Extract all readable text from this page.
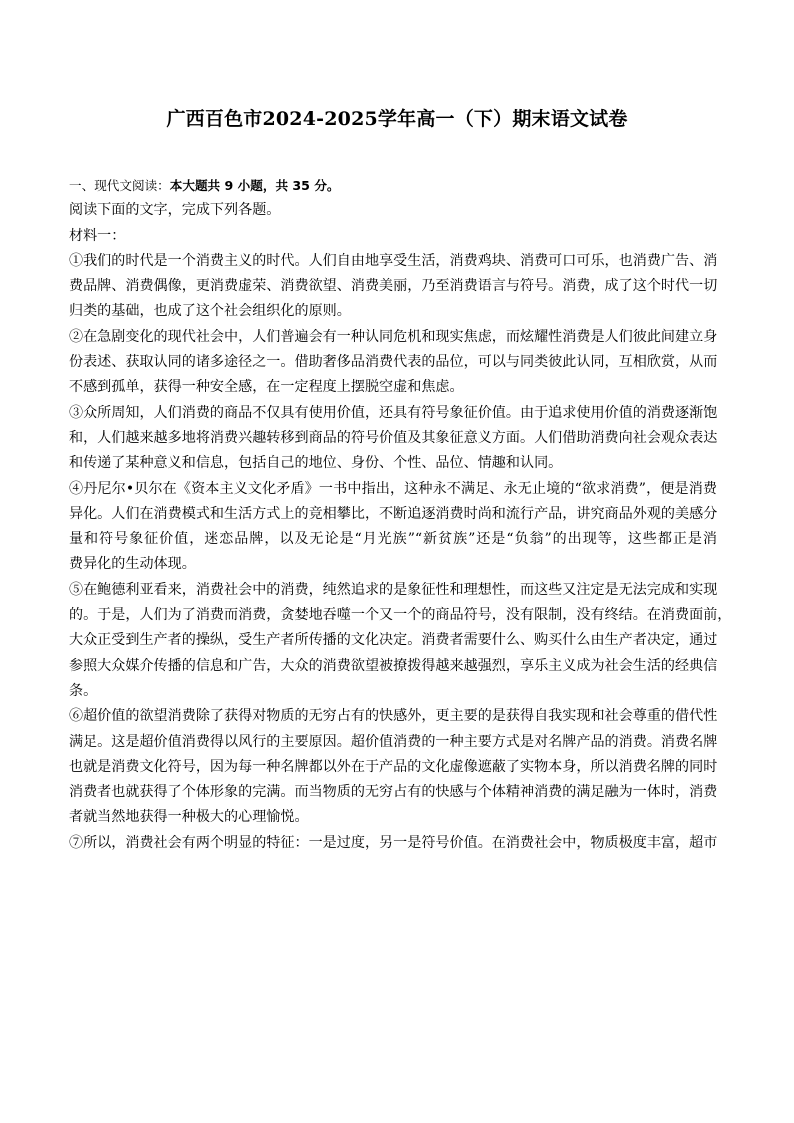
广西百色市2024-2025学年高一（下）期末语文试卷
一、现代文阅读：本大题共 9 小题，共 35 分。
阅读下面的文字，完成下列各题。
材料一：
①我们的时代是一个消费主义的时代。人们自由地享受生活，消费鸡块、消费可口可乐，也消费广告、消
费品牌、消费偶像，更消费虚荣、消费欲望、消费美丽，乃至消费语言与符号。消费，成了这个时代一切
归类的基础，也成了这个社会组织化的原则。
②在急剧变化的现代社会中，人们普遍会有一种认同危机和现实焦虑，而炫耀性消费是人们彼此间建立身
份表述、获取认同的诸多途径之一。借助奢侈品消费代表的品位，可以与同类彼此认同，互相欣赏，从而
不感到孤单，获得一种安全感，在一定程度上摆脱空虚和焦虑。
③众所周知，人们消费的商品不仅具有使用价值，还具有符号象征价值。由于追求使用价值的消费逐渐饱
和，人们越来越多地将消费兴趣转移到商品的符号价值及其象征意义方面。人们借助消费向社会观众表达
和传递了某种意义和信息，包括自己的地位、身份、个性、品位、情趣和认同。
④丹尼尔•贝尔在《资本主义文化矛盾》一书中指出，这种永不满足、永无止境的“欲求消费”，便是消费
异化。人们在消费模式和生活方式上的竞相攀比，不断追逐消费时尚和流行产品，讲究商品外观的美感分
量和符号象征价值，迷恋品牌，以及无论是“月光族”“新贫族”还是“负翁”的出现等，这些都正是消
费异化的生动体现。
⑤在鲍德利亚看来，消费社会中的消费，纯然追求的是象征性和理想性，而这些又注定是无法完成和实现
的。于是，人们为了消费而消费，贪婪地吞噬一个又一个的商品符号，没有限制，没有终结。在消费面前，
大众正受到生产者的操纵，受生产者所传播的文化决定。消费者需要什么、购买什么由生产者决定，通过
参照大众媒介传播的信息和广告，大众的消费欲望被撩拨得越来越强烈，享乐主义成为社会生活的经典信
条。
⑥超价值的欲望消费除了获得对物质的无穷占有的快感外，更主要的是获得自我实现和社会尊重的借代性
满足。这是超价值消费得以风行的主要原因。超价值消费的一种主要方式是对名牌产品的消费。消费名牌
也就是消费文化符号，因为每一种名牌都以外在于产品的文化虚像遮蔽了实物本身，所以消费名牌的同时
消费者也就获得了个体形象的完满。而当物质的无穷占有的快感与个体精神消费的满足融为一体时，消费
者就当然地获得一种极大的心理愉悦。
⑦所以，消费社会有两个明显的特征：一是过度，另一是符号价值。在消费社会中，物质极度丰富，超市
